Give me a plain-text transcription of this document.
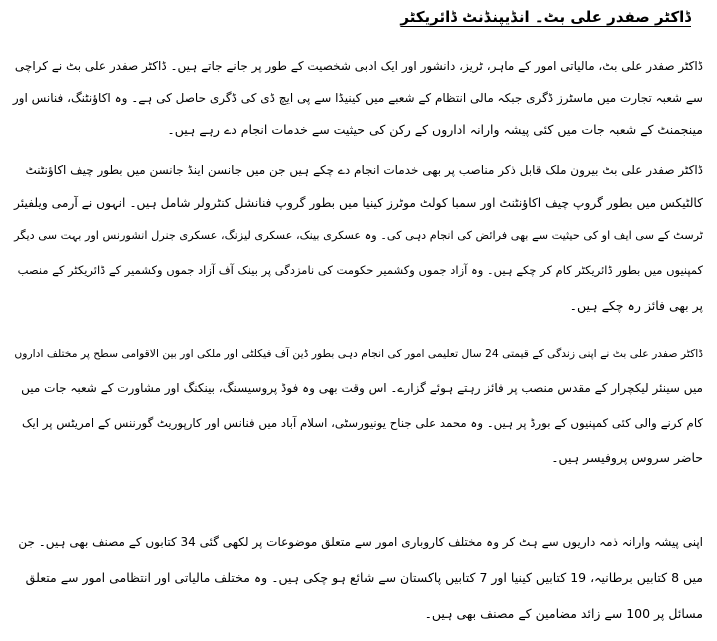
ڈاکٹر صفدر علی بٹ۔ انڈیپنڈنٹ ڈائریکٹر
ڈاکٹر صفدر علی بٹ، مالیاتی امور کے ماہر، ٹریز، دانشور اور ایک ادبی شخصیت کے طور پر جانے جاتے ہیں۔ ڈاکٹر صفدر علی بٹ نے کراچی
سے شعبہ تجارت میں ماسٹرز ڈگری جبکہ مالی انتظام کے شعبے میں کینیڈا سے پی ایچ ڈی کی ڈگری حاصل کی ہے۔ وہ اکاؤنٹنگ، فنانس اور
مینجمنٹ کے شعبہ جات میں کئی پیشہ وارانہ اداروں کے رکن کی حیثیت سے خدمات انجام دے رہے ہیں۔
ڈاکٹر صفدر علی بٹ بیرون ملک قابل ذکر مناصب پر بھی خدمات انجام دے چکے ہیں جن میں جانسن اینڈ جانسن میں بطور چیف اکاؤنٹنٹ
کالٹیکس میں بطور گروپ چیف اکاؤنٹنٹ اور سمبا کولٹ موٹرز کینیا میں بطور گروپ فنانشل کنٹرولر شامل ہیں۔ انہوں نے آرمی ویلفیئر
ٹرسٹ کے سی ایف او کی حیثیت سے بھی فرائض کی انجام دہی کی۔ وہ عسکری بینک، عسکری لیزنگ، عسکری جنرل انشورنس اور بہت سی دیگر
کمپنیوں میں بطور ڈائریکٹر کام کر چکے ہیں۔ وہ آزاد جموں وکشمیر حکومت کی نامزدگی پر بینک آف آزاد جموں وکشمیر کے ڈائریکٹر کے منصب
پر بھی فائز رہ چکے ہیں۔
ڈاکٹر صفدر علی بٹ نے اپنی زندگی کے قیمتی 24 سال تعلیمی امور کی انجام دہی بطور ڈین آف فیکلٹی اور ملکی اور بین الاقوامی سطح پر مختلف اداروں
میں سینئر لیکچرار کے مقدس منصب پر فائز رہتے ہوئے گزارے۔ اس وقت بھی وہ فوڈ پروسیسنگ، بینکنگ اور مشاورت کے شعبہ جات میں
کام کرنے والی کئی کمپنیوں کے بورڈ پر ہیں۔ وہ محمد علی جناح یونیورسٹی، اسلام آباد میں فنانس اور کارپوریٹ گورننس کے امریٹس پر ایک
حاضر سروس پروفیسر ہیں۔
اپنی پیشہ وارانہ ذمہ داریوں سے ہٹ کر وہ مختلف کاروباری امور سے متعلق موضوعات پر لکھی گئی 34 کتابوں کے مصنف بھی ہیں۔ جن
میں 8 کتابیں برطانیہ، 19 کتابیں کینیا اور 7 کتابیں پاکستان سے شائع ہو چکی ہیں۔ وہ مختلف مالیاتی اور انتظامی امور سے متعلق
مسائل پر 100 سے زائد مضامین کے مصنف بھی ہیں۔
